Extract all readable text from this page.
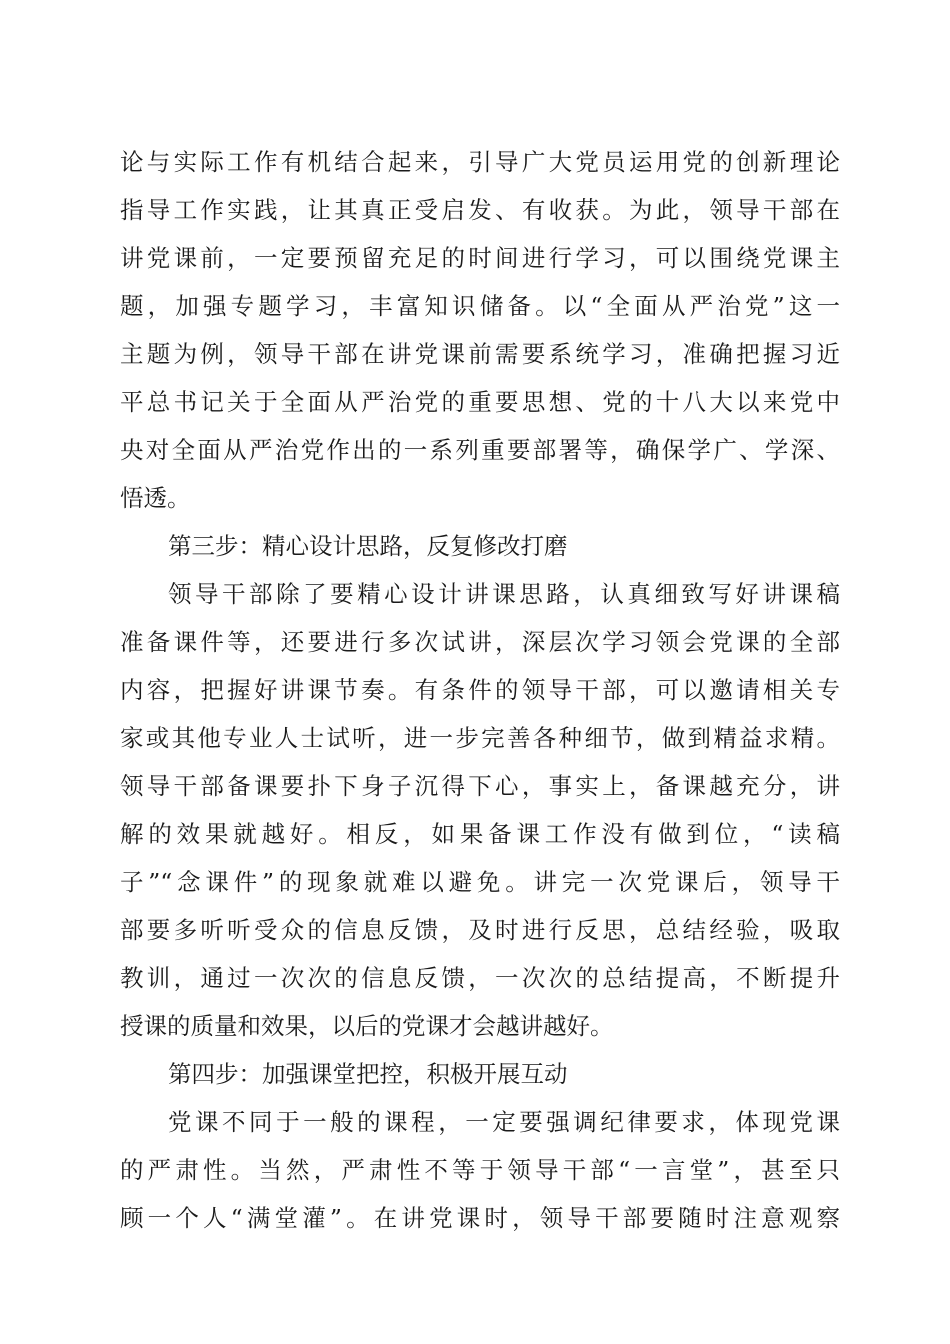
论与实际工作有机结合起来，引导广大党员运用党的创新理论
指导工作实践，让其真正受启发、有收获。为此，领导干部在
讲党课前，一定要预留充足的时间进行学习，可以围绕党课主
题，加强专题学习，丰富知识储备。以“全面从严治党”这一
主题为例，领导干部在讲党课前需要系统学习，准确把握习近
平总书记关于全面从严治党的重要思想、党的十八大以来党中
央对全面从严治党作出的一系列重要部署等，确保学广、学深、
悟透。
第三步：精心设计思路，反复修改打磨
领导干部除了要精心设计讲课思路，认真细致写好讲课稿
准备课件等，还要进行多次试讲，深层次学习领会党课的全部
内容，把握好讲课节奏。有条件的领导干部，可以邀请相关专
家或其他专业人士试听，进一步完善各种细节，做到精益求精。
领导干部备课要扑下身子沉得下心，事实上，备课越充分，讲
解的效果就越好。相反，如果备课工作没有做到位，“读稿
子”“念课件”的现象就难以避免。讲完一次党课后，领导干
部要多听听受众的信息反馈，及时进行反思，总结经验，吸取
教训，通过一次次的信息反馈，一次次的总结提高，不断提升
授课的质量和效果，以后的党课才会越讲越好。
第四步：加强课堂把控，积极开展互动
党课不同于一般的课程，一定要强调纪律要求，体现党课
的严肃性。当然，严肃性不等于领导干部“一言堂”，甚至只
顾一个人“满堂灌”。在讲党课时，领导干部要随时注意观察
